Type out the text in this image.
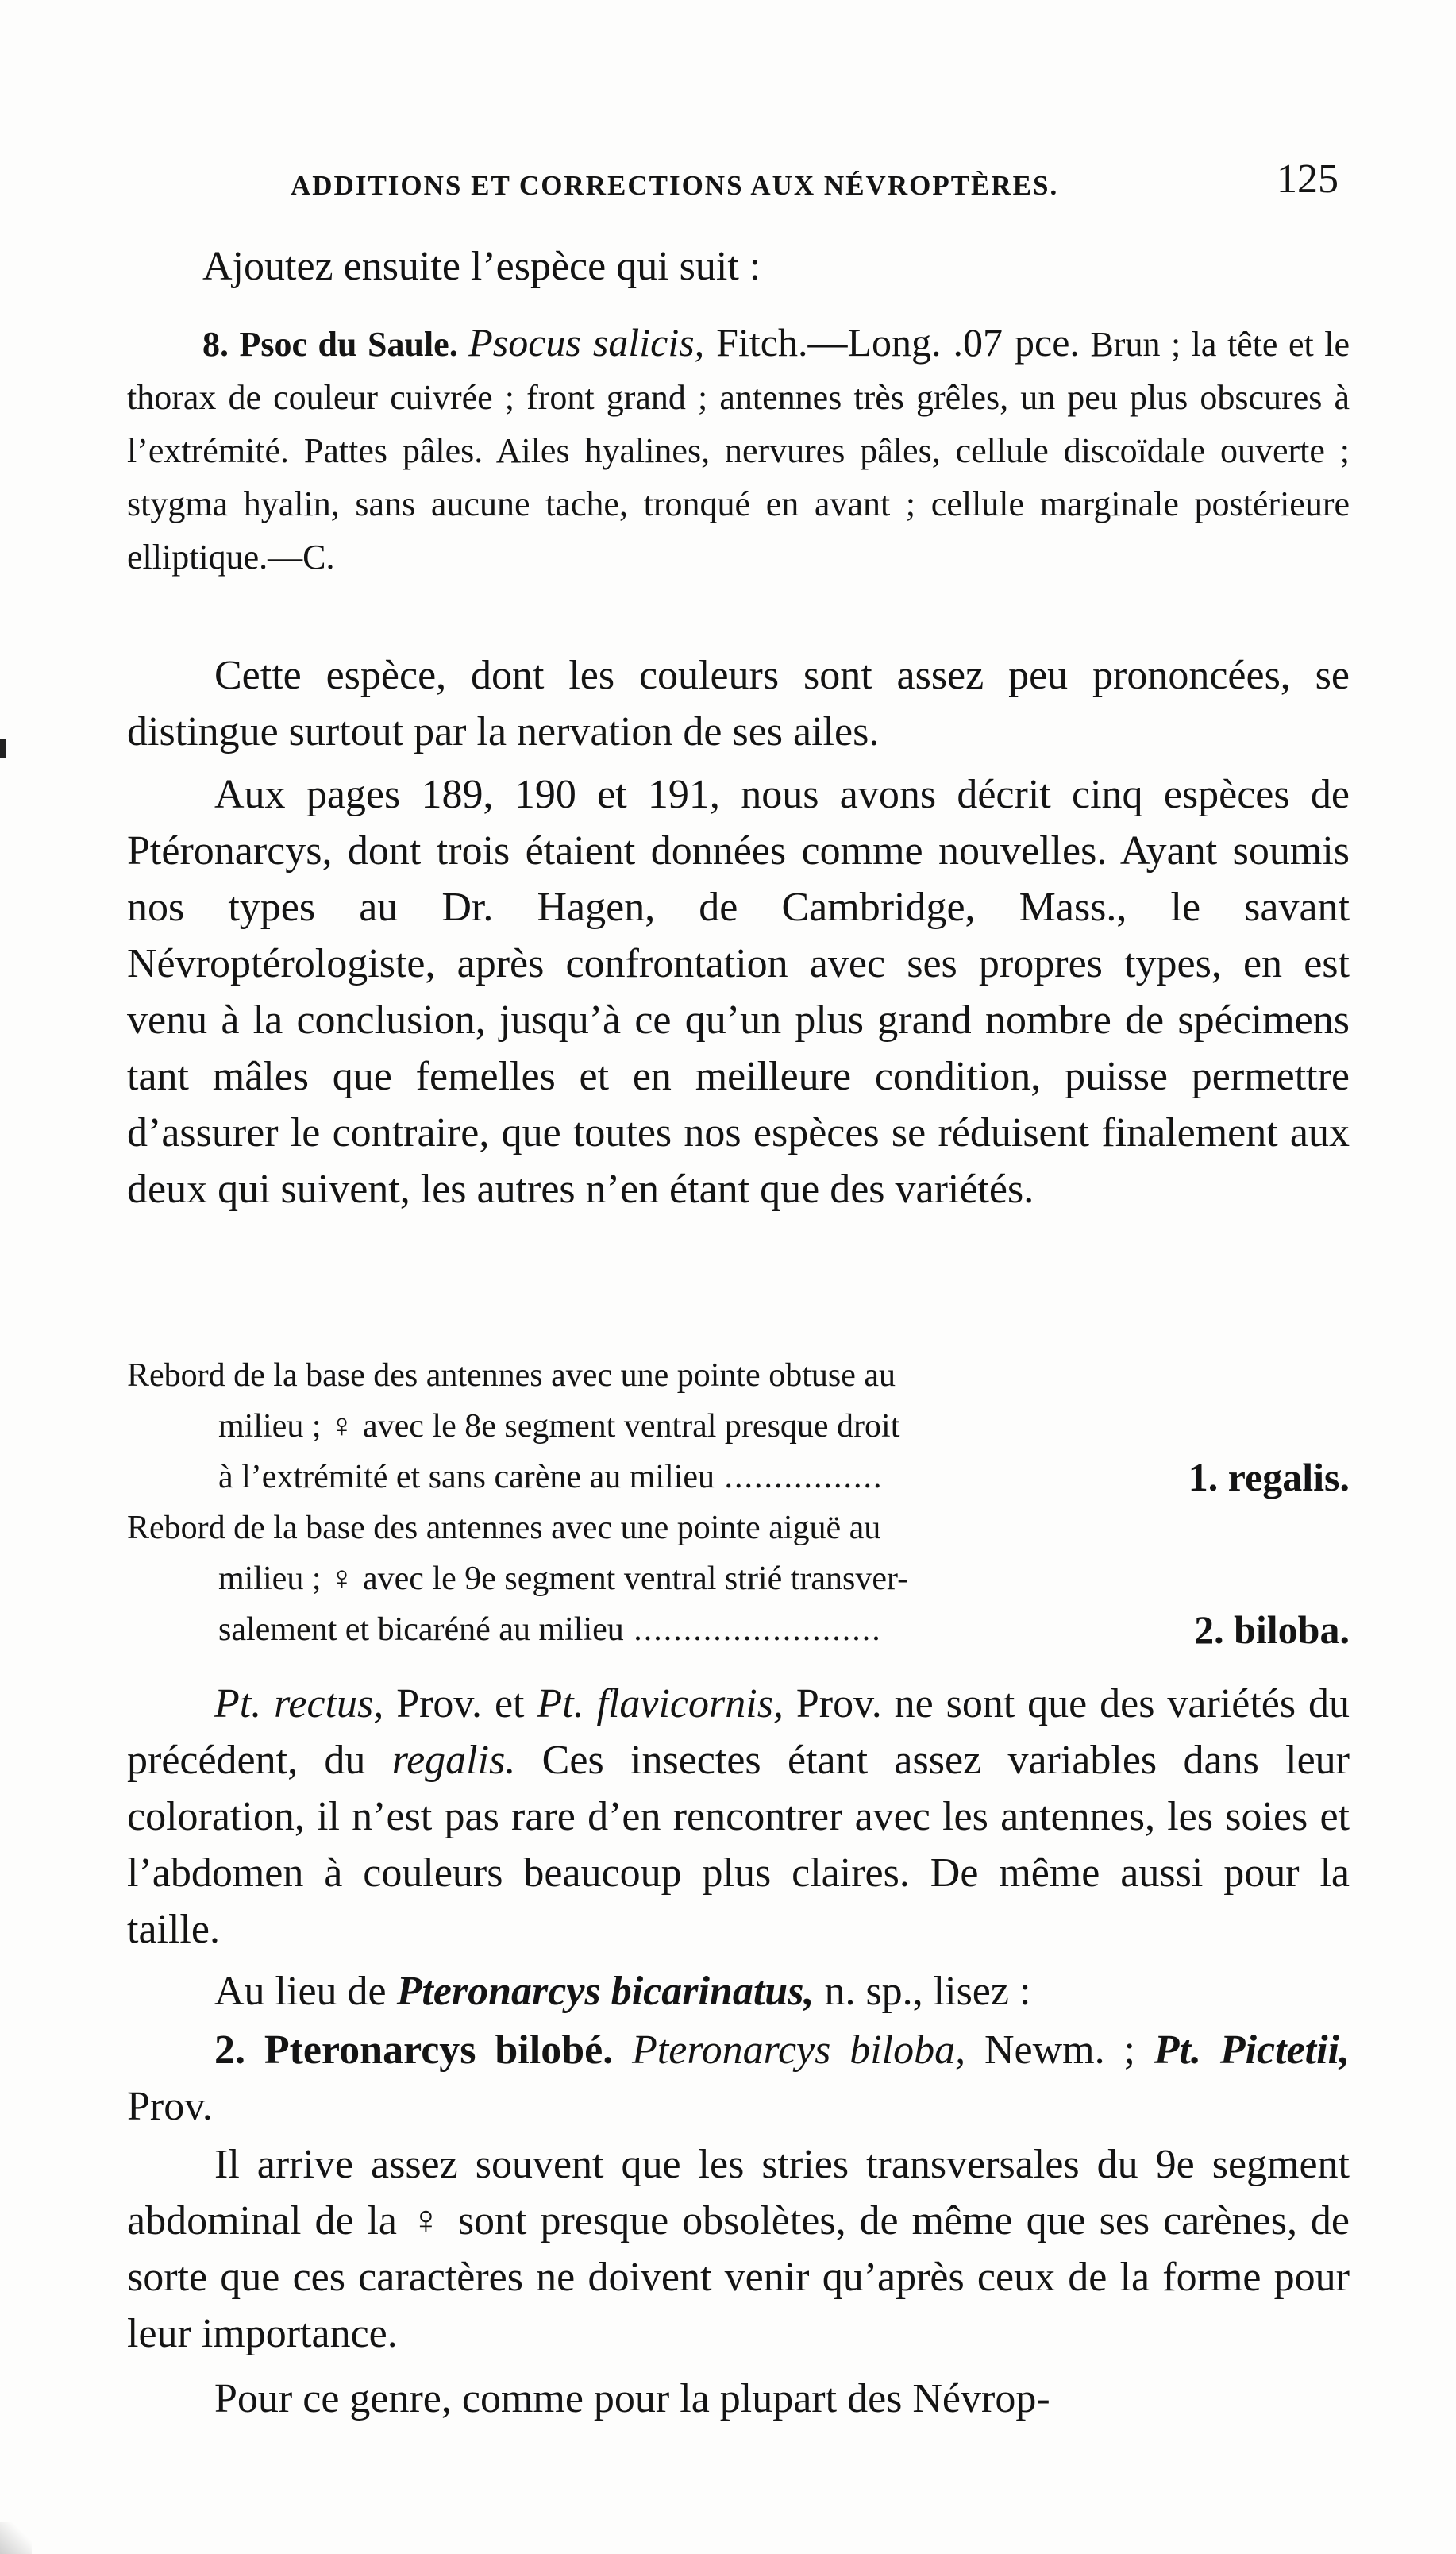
ADDITIONS ET CORRECTIONS AUX NÉVROPTÈRES.	125

Ajoutez ensuite l’espèce qui suit :

8. Psoc du Saule. Psocus salicis, Fitch.—Long. .07 pce. Brun ; la tête et le thorax de couleur cuivrée ; front grand ; antennes très grêles, un peu plus obscures à l’extrémité. Pattes pâles. Ailes hyalines, nervures pâles, cellule discoïdale ouverte ; stygma hyalin, sans aucune tache, tronqué en avant ; cellule marginale postérieure elliptique.—C.

Cette espèce, dont les couleurs sont assez peu prononcées, se distingue surtout par la nervation de ses ailes.

Aux pages 189, 190 et 191, nous avons décrit cinq espèces de Ptéronarcys, dont trois étaient données comme nouvelles. Ayant soumis nos types au Dr. Hagen, de Cambridge, Mass., le savant Névroptérologiste, après confrontation avec ses propres types, en est venu à la conclusion, jusqu’à ce qu’un plus grand nombre de spécimens tant mâles que femelles et en meilleure condition, puisse permettre d’assurer le contraire, que toutes nos espèces se réduisent finalement aux deux qui suivent, les autres n’en étant que des variétés.

Rebord de la base des antennes avec une pointe obtuse au
milieu ; ♀ avec le 8e segment ventral presque droit
à l’extrémité et sans carène au milieu ................	1. regalis.
Rebord de la base des antennes avec une pointe aiguë au
milieu ; ♀ avec le 9e segment ventral strié transver-
salement et bicaréné au milieu .........................	2. biloba.

Pt. rectus, Prov. et Pt. flavicornis, Prov. ne sont que des variétés du précédent, du regalis. Ces insectes étant assez variables dans leur coloration, il n’est pas rare d’en rencontrer avec les antennes, les soies et l’abdomen à couleurs beaucoup plus claires. De même aussi pour la taille.

Au lieu de Pteronarcys bicarinatus, n. sp., lisez :

2. Pteronarcys bilobé. Pteronarcys biloba, Newm. ; Pt. Pictetii, Prov.

Il arrive assez souvent que les stries transversales du 9e segment abdominal de la ♀ sont presque obsolètes, de même que ses carènes, de sorte que ces caractères ne doivent venir qu’après ceux de la forme pour leur importance.

Pour ce genre, comme pour la plupart des Névrop-
